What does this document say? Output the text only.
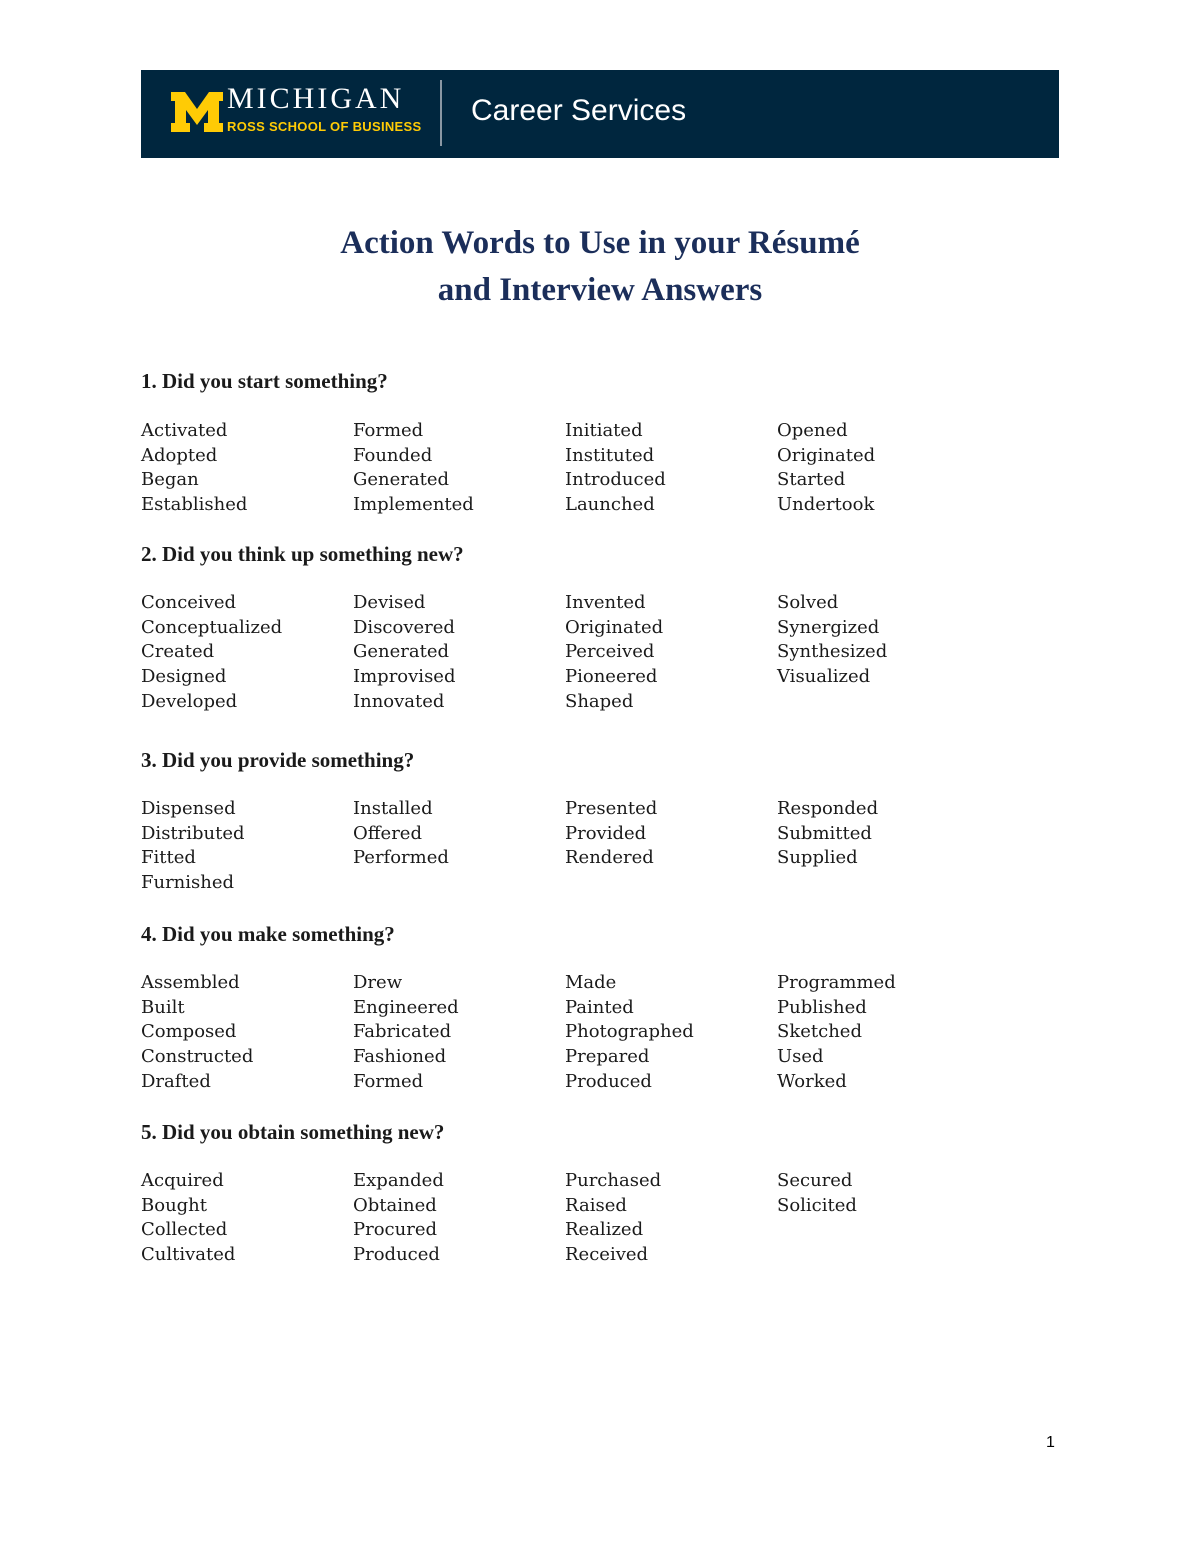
MICHIGAN
ROSS SCHOOL OF BUSINESS Career Services
Action Words to Use in your Résumé
and Interview Answers
1. Did you start something?
Activated
Adopted
Began
Established
Formed
Founded
Generated
Implemented
Initiated
Instituted
Introduced
Launched
Opened
Originated
Started
Undertook
2. Did you think up something new?
Conceived
Conceptualized
Created
Designed
Developed
Devised
Discovered
Generated
Improvised
Innovated
Invented
Originated
Perceived
Pioneered
Shaped
Solved
Synergized
Synthesized
Visualized
3. Did you provide something?
Dispensed
Distributed
Fitted
Furnished
Installed
Offered
Performed
Presented
Provided
Rendered
Responded
Submitted
Supplied
4. Did you make something?
Assembled
Built
Composed
Constructed
Drafted
Drew
Engineered
Fabricated
Fashioned
Formed
Made
Painted
Photographed
Prepared
Produced
Programmed
Published
Sketched
Used
Worked
5. Did you obtain something new?
Acquired
Bought
Collected
Cultivated
Expanded
Obtained
Procured
Produced
Purchased
Raised
Realized
Received
Secured
Solicited
1
